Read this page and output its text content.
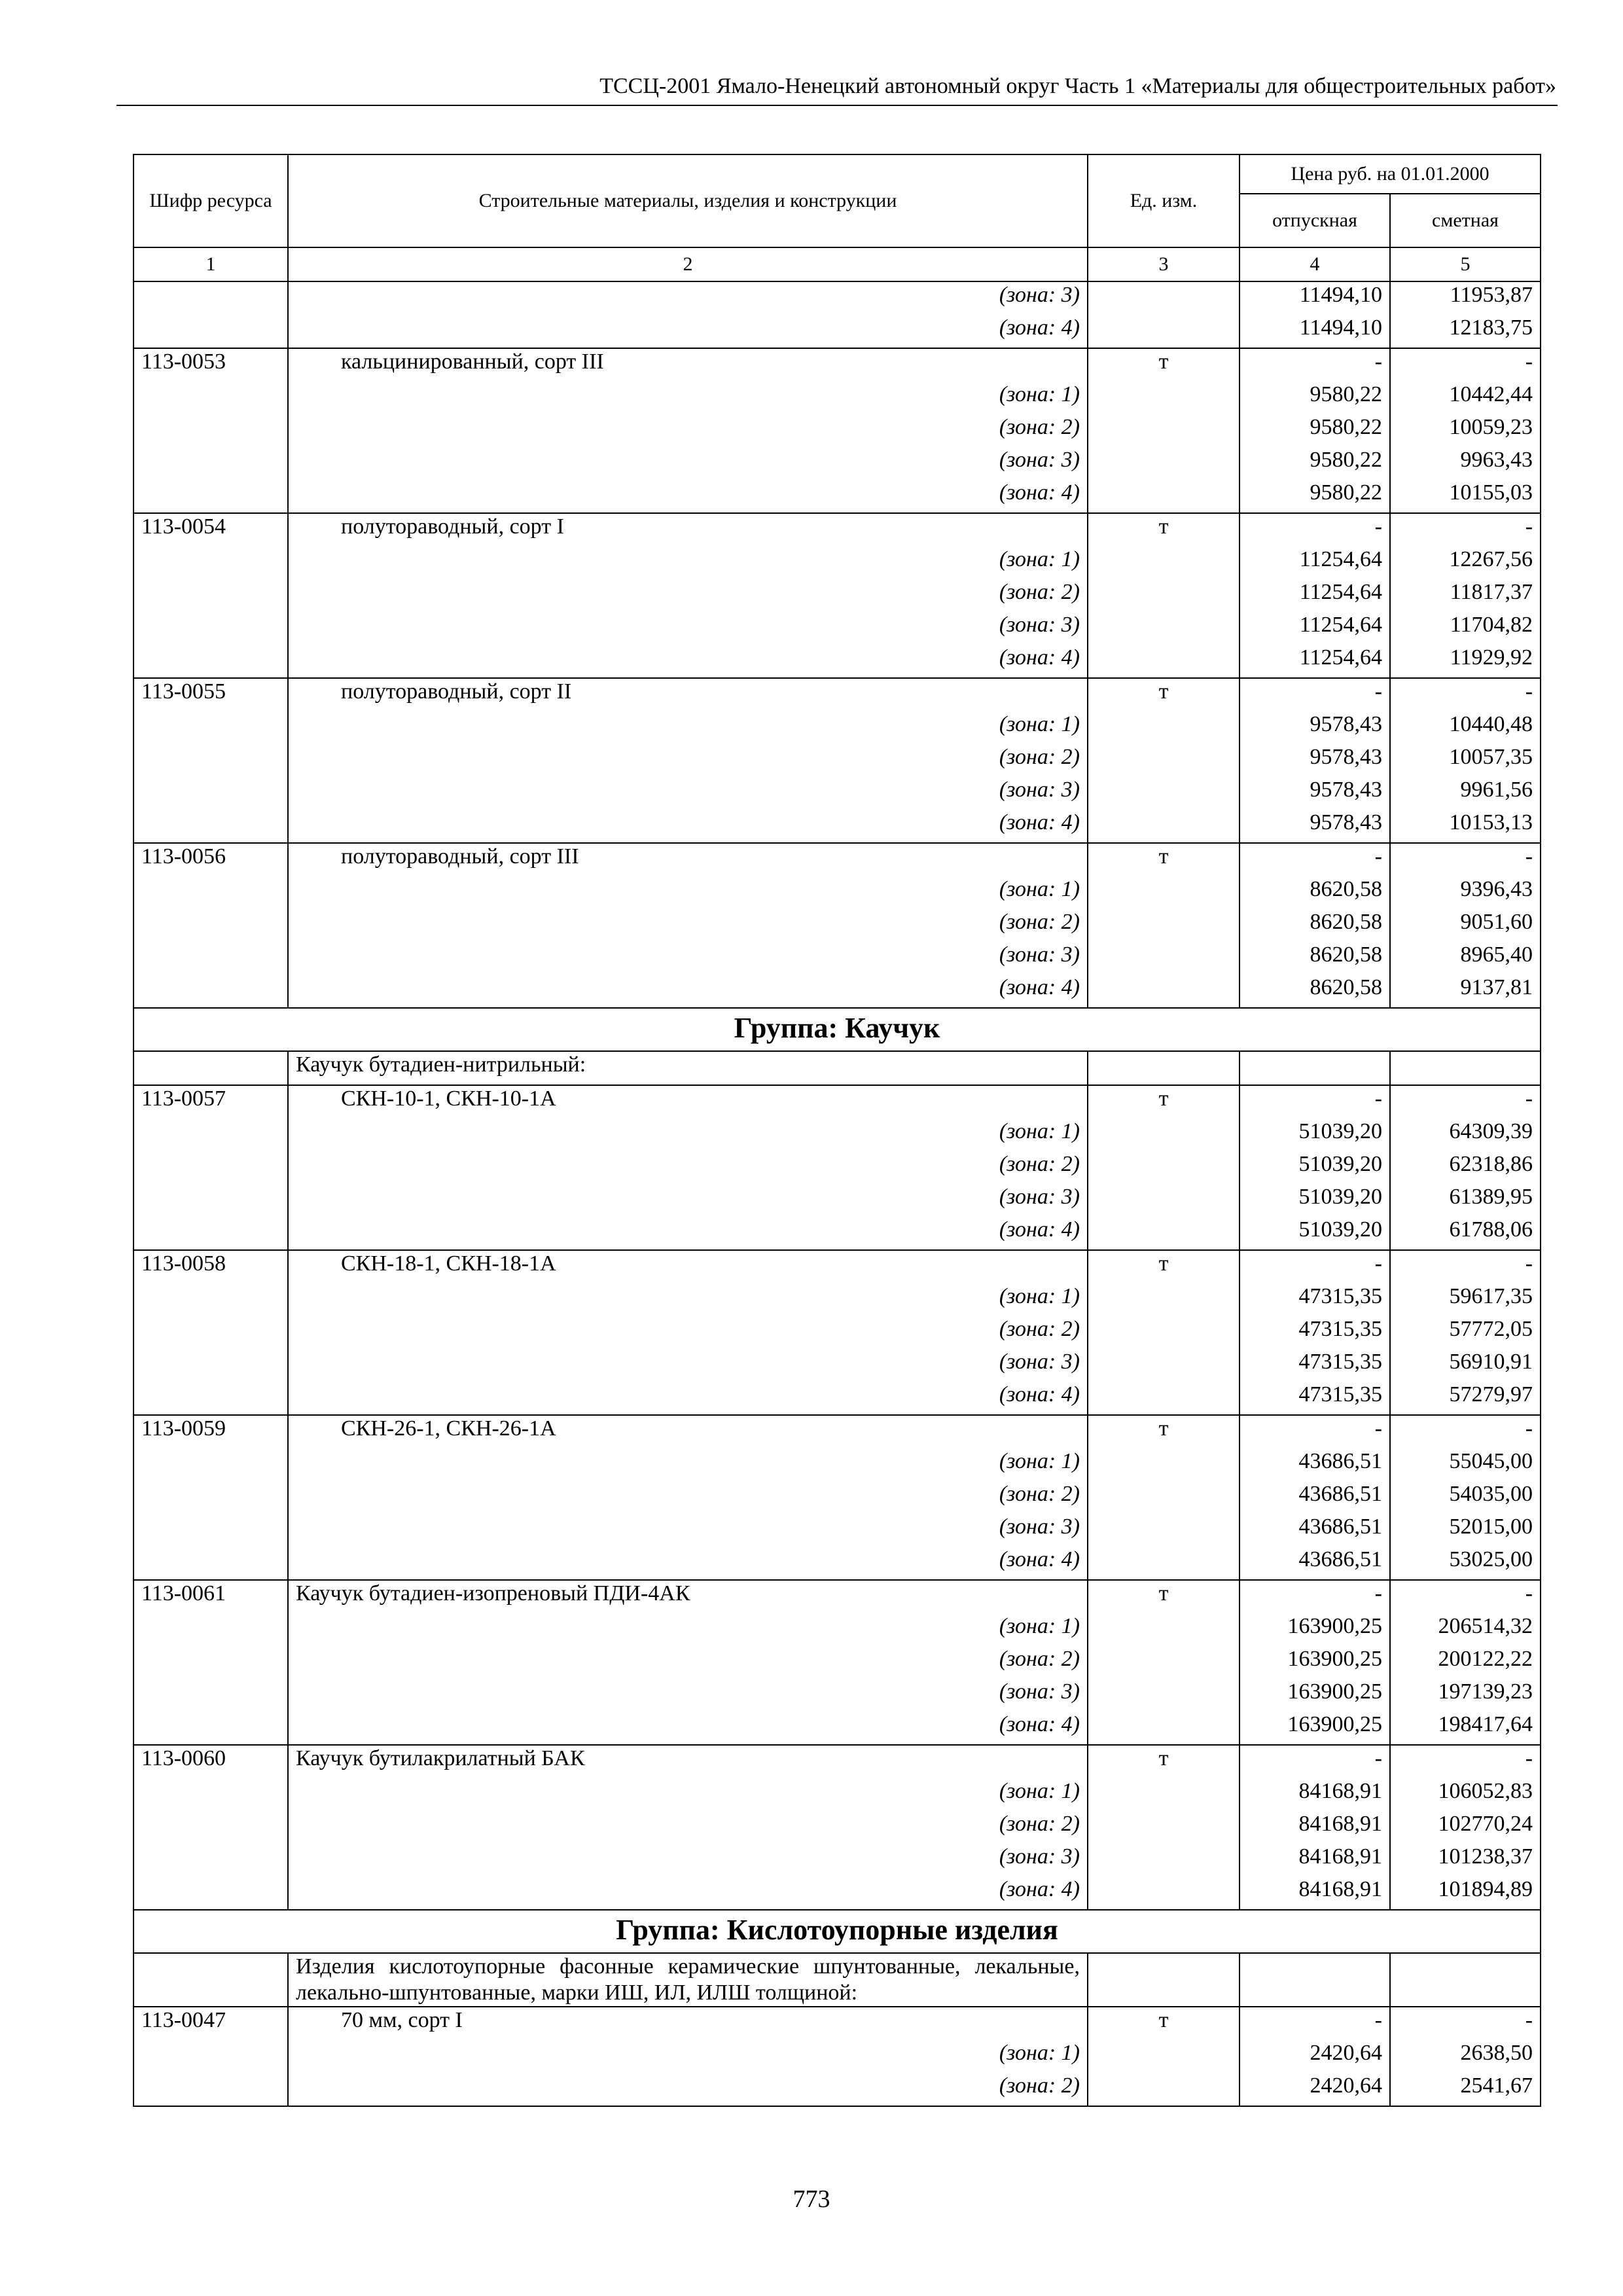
ТССЦ-2001 Ямало-Ненецкий автономный округ Часть 1 «Материалы для общестроительных работ»
Шифр ресурса	Строительные материалы, изделия и конструкции	Ед. изм.	Цена руб. на 01.01.2000	
			отпускная	сметная
1	2	3	4	5
	(зона: 3)		11494,10	11953,87
	(зона: 4)		11494,10	12183,75
113-0053	кальцинированный, сорт III	т	-	-
	(зона: 1)		9580,22	10442,44
	(зона: 2)		9580,22	10059,23
	(зона: 3)		9580,22	9963,43
	(зона: 4)		9580,22	10155,03
113-0054	полутораводный, сорт I	т	-	-
	(зона: 1)		11254,64	12267,56
	(зона: 2)		11254,64	11817,37
	(зона: 3)		11254,64	11704,82
	(зона: 4)		11254,64	11929,92
113-0055	полутораводный, сорт II	т	-	-
	(зона: 1)		9578,43	10440,48
	(зона: 2)		9578,43	10057,35
	(зона: 3)		9578,43	9961,56
	(зона: 4)		9578,43	10153,13
113-0056	полутораводный, сорт III	т	-	-
	(зона: 1)		8620,58	9396,43
	(зона: 2)		8620,58	9051,60
	(зона: 3)		8620,58	8965,40
	(зона: 4)		8620,58	9137,81
Группа: Каучук				
	Каучук бутадиен-нитрильный:			
113-0057	СКН-10-1, СКН-10-1А	т	-	-
	(зона: 1)		51039,20	64309,39
	(зона: 2)		51039,20	62318,86
	(зона: 3)		51039,20	61389,95
	(зона: 4)		51039,20	61788,06
113-0058	СКН-18-1, СКН-18-1А	т	-	-
	(зона: 1)		47315,35	59617,35
	(зона: 2)		47315,35	57772,05
	(зона: 3)		47315,35	56910,91
	(зона: 4)		47315,35	57279,97
113-0059	СКН-26-1, СКН-26-1А	т	-	-
	(зона: 1)		43686,51	55045,00
	(зона: 2)		43686,51	54035,00
	(зона: 3)		43686,51	52015,00
	(зона: 4)		43686,51	53025,00
113-0061	Каучук бутадиен-изопреновый ПДИ-4АК	т	-	-
	(зона: 1)		163900,25	206514,32
	(зона: 2)		163900,25	200122,22
	(зона: 3)		163900,25	197139,23
	(зона: 4)		163900,25	198417,64
113-0060	Каучук бутилакрилатный БАК	т	-	-
	(зона: 1)		84168,91	106052,83
	(зона: 2)		84168,91	102770,24
	(зона: 3)		84168,91	101238,37
	(зона: 4)		84168,91	101894,89
Группа: Кислотоупорные изделия				
	Изделия кислотоупорные фасонные керамические шпунтованные, лекальные, лекально-шпунтованные, марки ИШ, ИЛ, ИЛШ толщиной:			
113-0047	70 мм, сорт I	т	-	-
	(зона: 1)		2420,64	2638,50
	(зона: 2)		2420,64	2541,67
773
